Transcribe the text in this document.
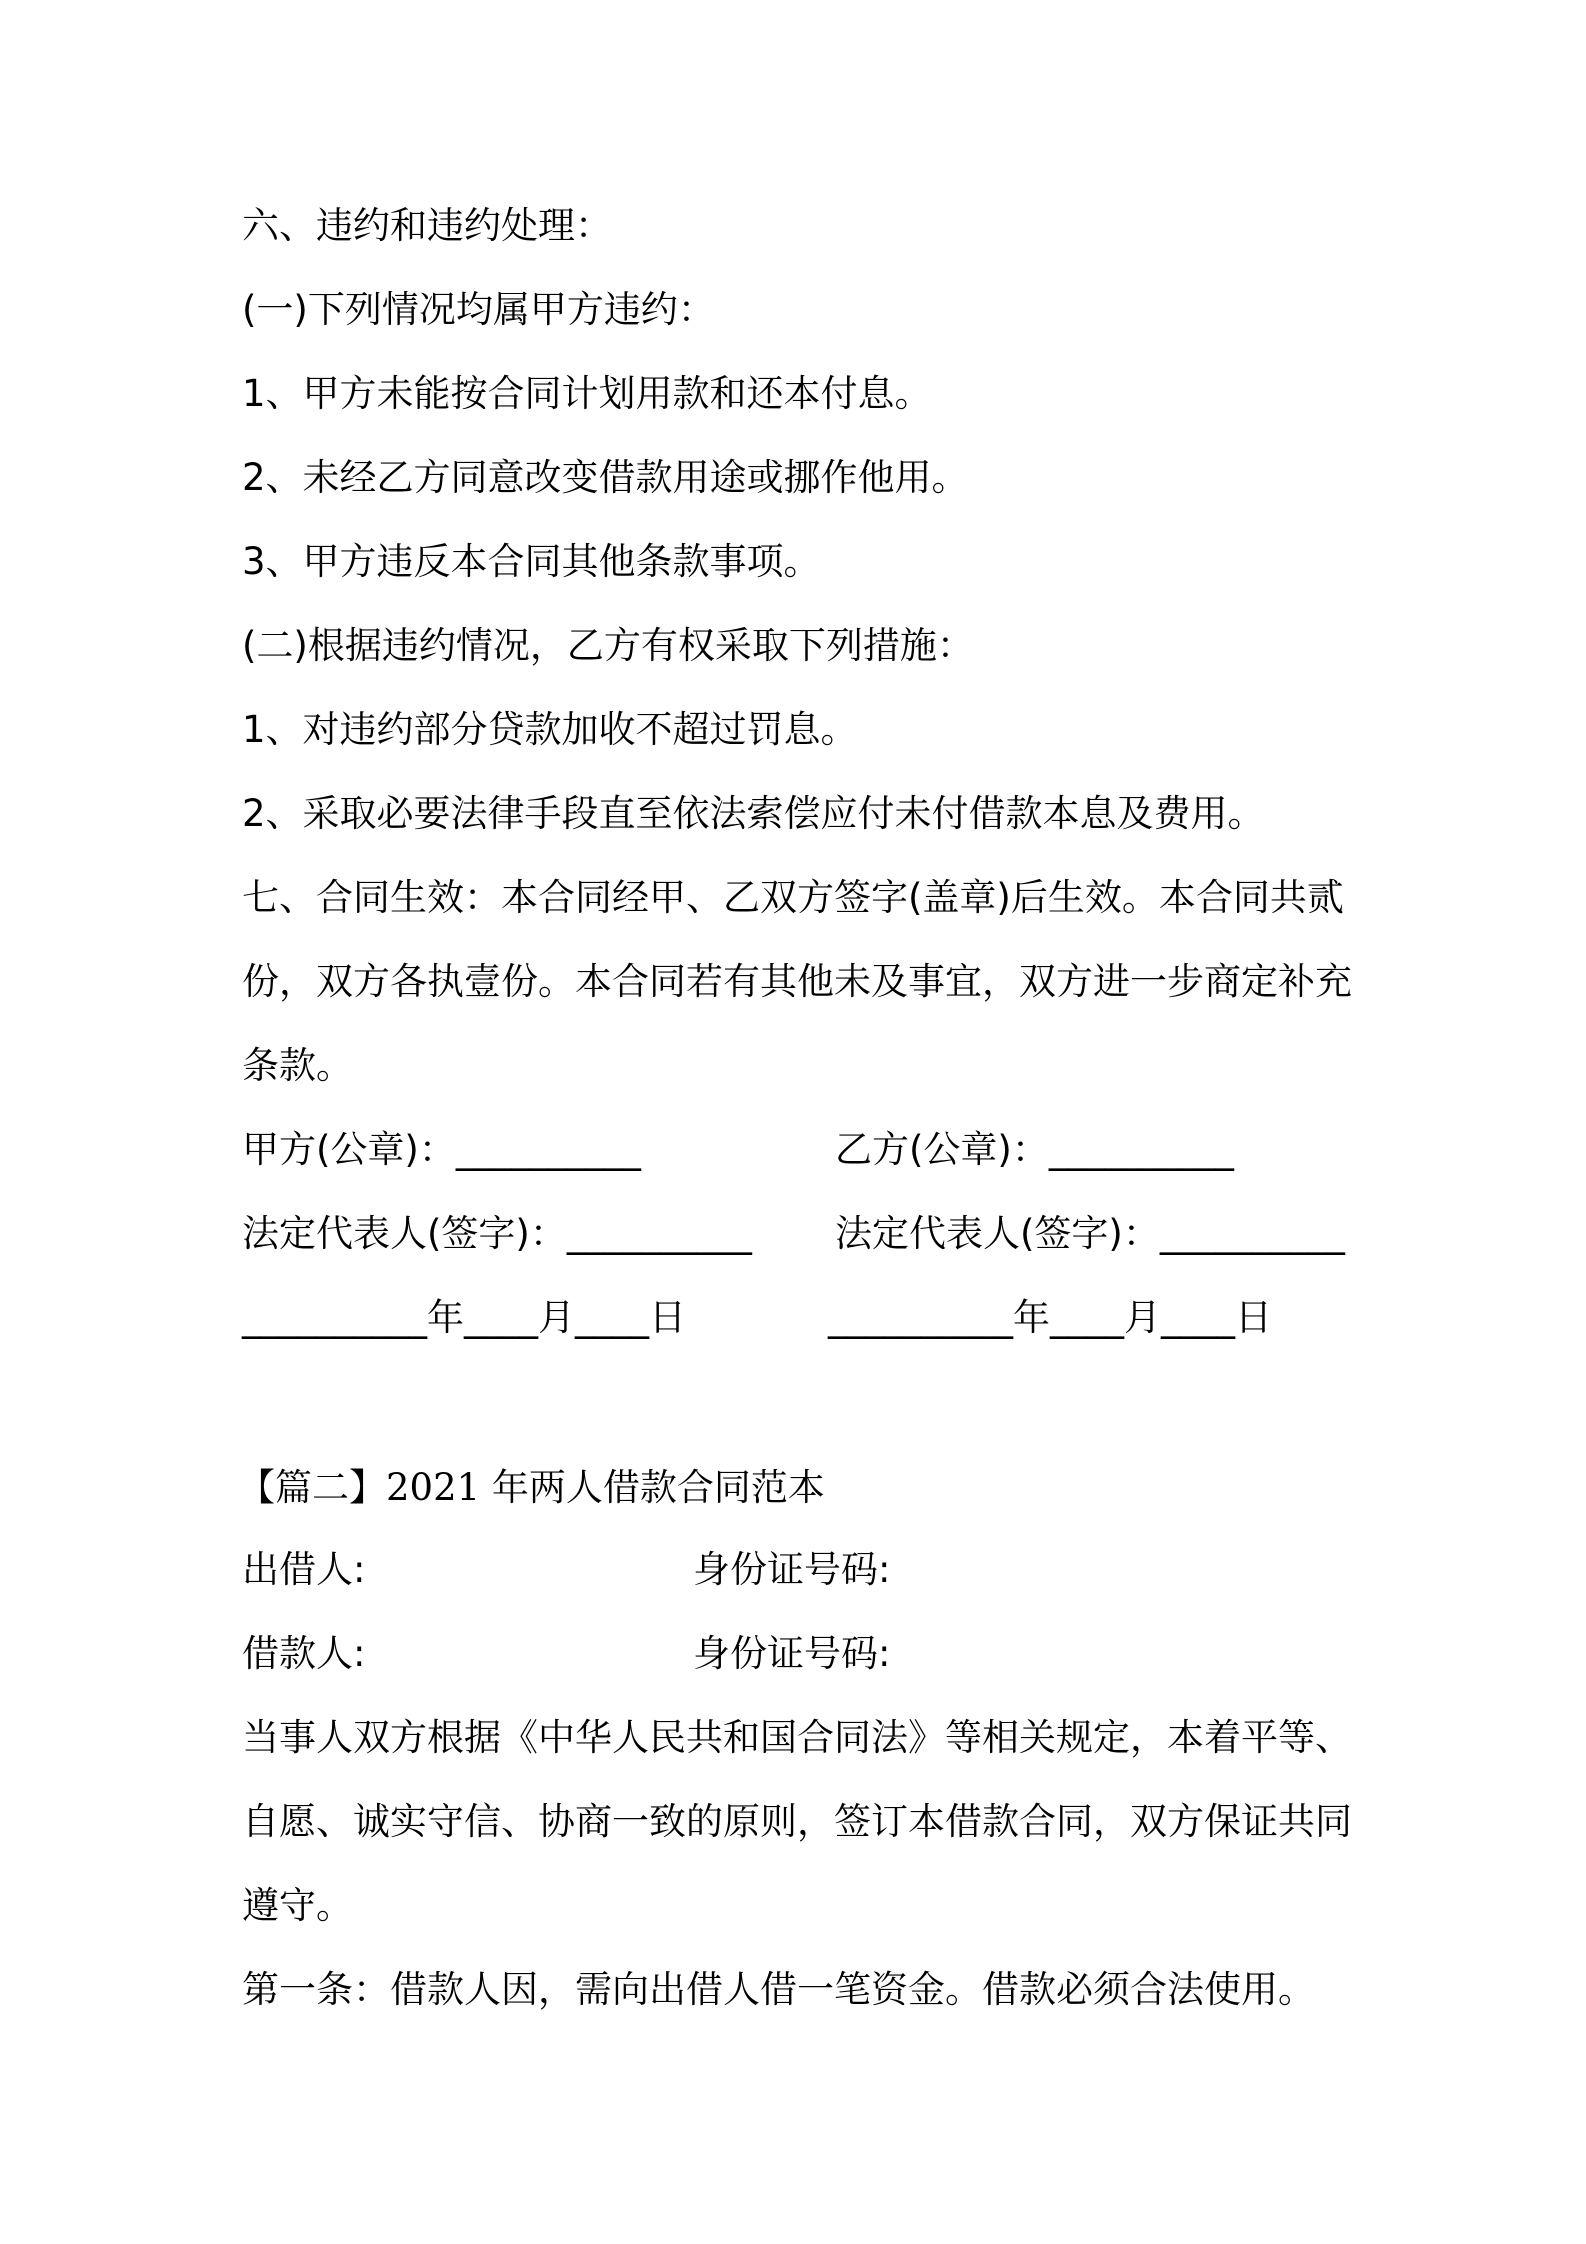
六、违约和违约处理：
(一)下列情况均属甲方违约：
1、甲方未能按合同计划用款和还本付息。
2、未经乙方同意改变借款用途或挪作他用。
3、甲方违反本合同其他条款事项。
(二)根据违约情况，乙方有权采取下列措施：
1、对违约部分贷款加收不超过罚息。
2、采取必要法律手段直至依法索偿应付未付借款本息及费用。
七、合同生效：本合同经甲、乙双方签字(盖章)后生效。本合同共贰
份，双方各执壹份。本合同若有其他未及事宜，双方进一步商定补充
条款。
甲方(公章)：__________	乙方(公章)：__________
法定代表人(签字)：__________ 法定代表人(签字)：__________
__________年____月____日	__________年____月____日
【篇二】2021 年两人借款合同范本
出借人:	身份证号码:
借款人:	身份证号码:
当事人双方根据《中华人民共和国合同法》等相关规定，本着平等、
自愿、诚实守信、协商一致的原则，签订本借款合同，双方保证共同
遵守。
第一条：借款人因，需向出借人借一笔资金。借款必须合法使用。
